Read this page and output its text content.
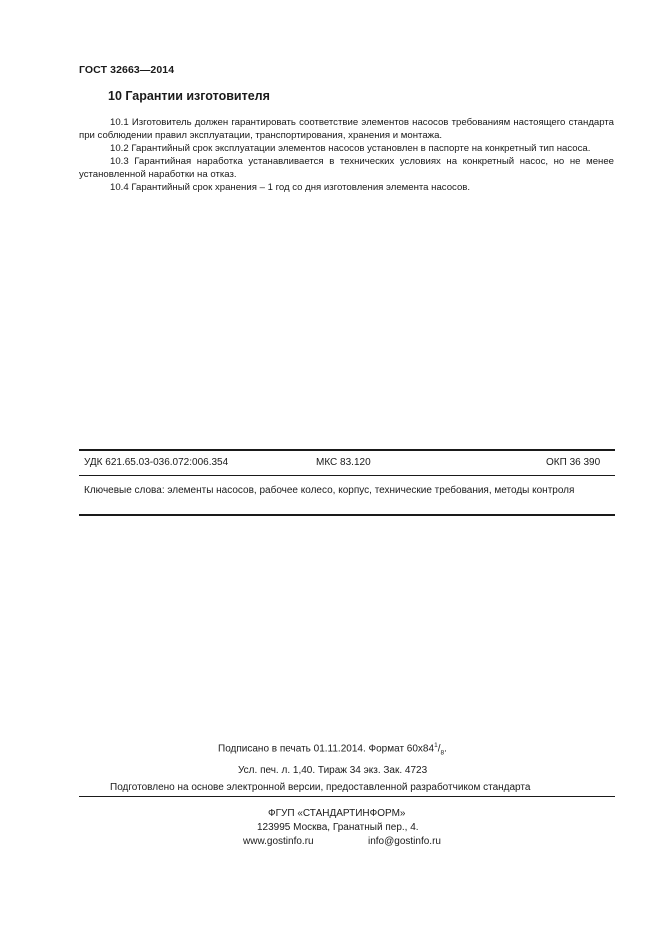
ГОСТ 32663—2014
10 Гарантии изготовителя

10.1 Изготовитель должен гарантировать соответствие элементов насосов требованиям настоящего стандарта при соблюдении правил эксплуатации, транспортирования, хранения и монтажа.

10.2 Гарантийный срок эксплуатации элементов насосов установлен в паспорте на конкретный тип насоса.

10.3 Гарантийная наработка устанавливается в технических условиях на конкретный насос, но не менее установленной наработки на отказ.

10.4 Гарантийный срок хранения – 1 год со дня изготовления элемента насосов.

УДК 621.65.03-036.072:006.354	МКС 83.120	ОКП 36 390
Ключевые слова: элементы насосов, рабочее колесо, корпус, технические требования, методы контроля
Подписано в печать 01.11.2014. Формат $60х84^1/_8$.
Усл. печ. л. 1,40. Тираж 34 экз. Зак. 4723
Подготовлено на основе электронной версии, предоставленной разработчиком стандарта
ФГУП «СТАНДАРТИНФОРМ»
123995 Москва, Гранатный пер., 4.
www.gostinfo.ru	info@gostinfo.ru
